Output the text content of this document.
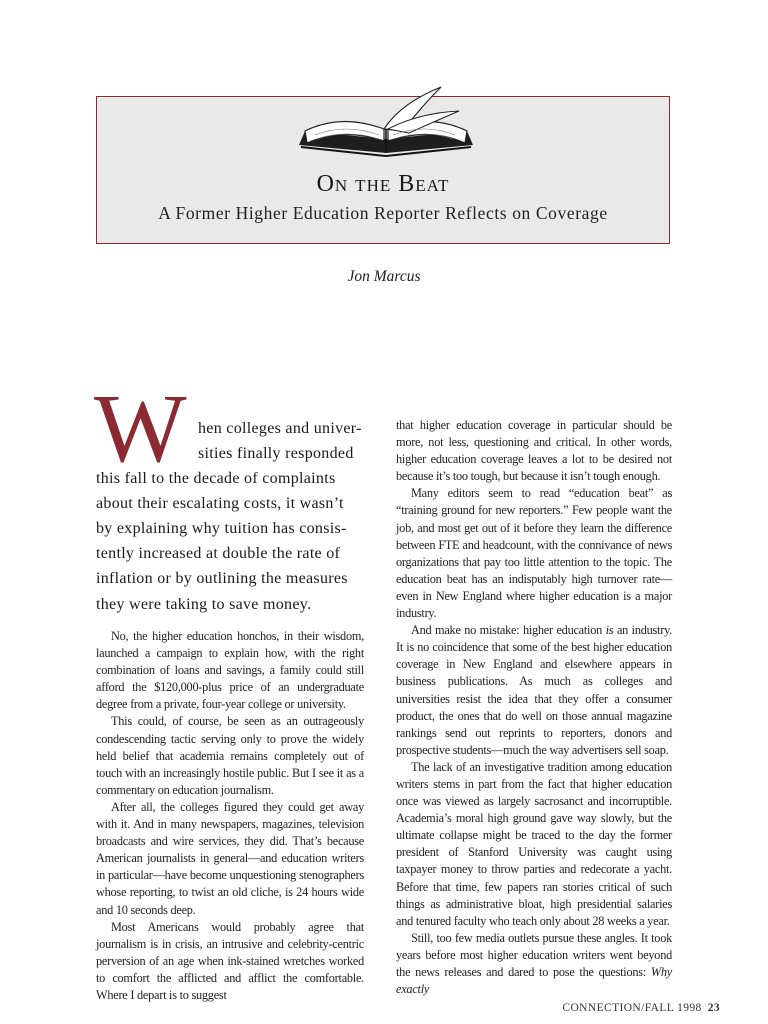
On the Beat
A Former Higher Education Reporter Reflects on Coverage
Jon Marcus
W hen colleges and univer-
sities finally responded
this fall to the decade of complaints
about their escalating costs, it wasn’t
by explaining why tuition has consis-
tently increased at double the rate of
inflation or by outlining the measures
they were taking to save money.

No, the higher education honchos, in their wisdom, launched a campaign to explain how, with the right combination of loans and savings, a family could still afford the $120,000-plus price of an undergraduate degree from a private, four-year college or university.

This could, of course, be seen as an outrageously condescending tactic serving only to prove the widely held belief that academia remains completely out of touch with an increasingly hostile public. But I see it as a commentary on education journalism.

After all, the colleges figured they could get away with it. And in many newspapers, magazines, television broadcasts and wire services, they did. That’s because American journalists in general—and education writers in particular—have become unquestioning stenographers whose reporting, to twist an old cliche, is 24 hours wide and 10 seconds deep.

Most Americans would probably agree that journalism is in crisis, an intrusive and celebrity-centric perversion of an age when ink-stained wretches worked to comfort the afflicted and afflict the comfortable. Where I depart is to suggest

that higher education coverage in particular should be more, not less, questioning and critical. In other words, higher education coverage leaves a lot to be desired not because it’s too tough, but because it isn’t tough enough.

Many editors seem to read “education beat” as “training ground for new reporters.” Few people want the job, and most get out of it before they learn the difference between FTE and headcount, with the connivance of news organizations that pay too little attention to the topic. The education beat has an indisputably high turnover rate—even in New England where higher education is a major industry.

And make no mistake: higher education is an industry. It is no coincidence that some of the best higher education coverage in New England and elsewhere appears in business publications. As much as colleges and universities resist the idea that they offer a consumer product, the ones that do well on those annual magazine rankings send out reprints to reporters, donors and prospective students—much the way advertisers sell soap.

The lack of an investigative tradition among education writers stems in part from the fact that higher education once was viewed as largely sacrosanct and incorruptible. Academia’s moral high ground gave way slowly, but the ultimate collapse might be traced to the day the former president of Stanford University was caught using taxpayer money to throw parties and redecorate a yacht. Before that time, few papers ran stories critical of such things as administrative bloat, high presidential salaries and tenured faculty who teach only about 28 weeks a year.

Still, too few media outlets pursue these angles. It took years before most higher education writers went beyond the news releases and dared to pose the questions: Why exactly

CONNECTION/FALL 1998 23
